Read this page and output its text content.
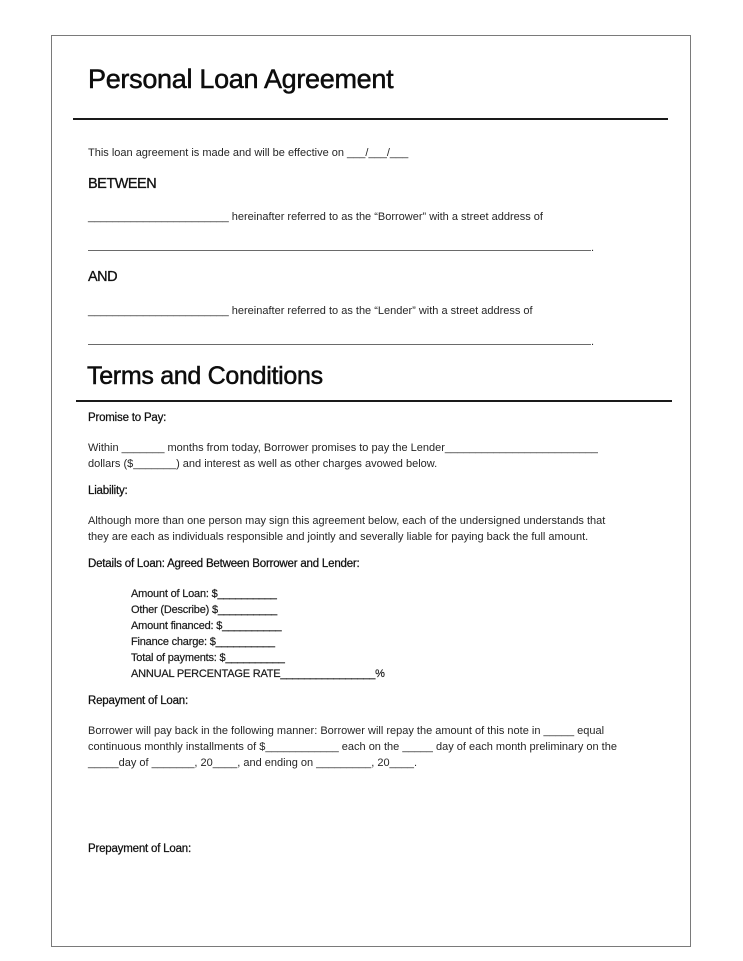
Personal Loan Agreement
This loan agreement is made and will be effective on ___/___/___
BETWEEN
_______________________ hereinafter referred to as the “Borrower” with a street address of
.
AND
_______________________ hereinafter referred to as the “Lender” with a street address of
.
Terms and Conditions
Promise to Pay:
Within _______ months from today, Borrower promises to pay the Lender_________________________
dollars ($_______) and interest as well as other charges avowed below.
Liability:
Although more than one person may sign this agreement below, each of the undersigned understands that
they are each as individuals responsible and jointly and severally liable for paying back the full amount.
Details of Loan: Agreed Between Borrower and Lender:
Amount of Loan: $__________
Other (Describe) $__________
Amount financed: $__________
Finance charge: $__________
Total of payments: $__________
ANNUAL PERCENTAGE RATE________________%
Repayment of Loan:
Borrower will pay back in the following manner: Borrower will repay the amount of this note in _____ equal
continuous monthly installments of $____________ each on the _____ day of each month preliminary on the
_____day of _______, 20____, and ending on _________, 20____.
Prepayment of Loan:
